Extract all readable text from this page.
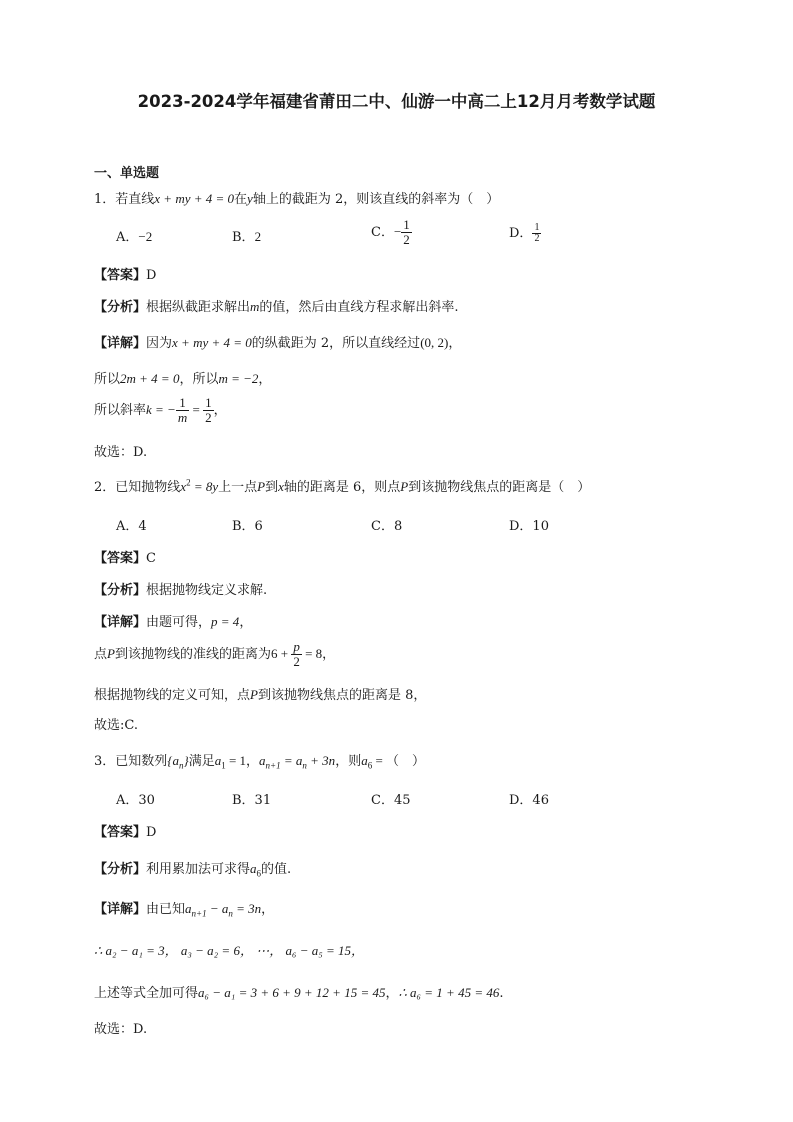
2023-2024学年福建省莆田二中、仙游一中高二上12月月考数学试题
一、单选题
1．若直线x + my + 4 = 0在y轴上的截距为 2，则该直线的斜率为（　）
A．−2	B．2	C．− $\frac{1}{2}$	D． $\frac{1}{2}$
【答案】D
【分析】根据纵截距求解出m的值，然后由直线方程求解出斜率.
【详解】因为x + my + 4 = 0的纵截距为 2，所以直线经过(0, 2)，
所以2m + 4 = 0，所以m = −2，
所以斜率k = − $\frac{1}{m} = \frac{1}{2}$ ，
故选：D.
2．已知抛物线$x^2 = 8y$上一点P到x轴的距离是 6，则点P到该抛物线焦点的距离是（　）
A．4	B．6	C．8	D．10
【答案】C
【分析】根据抛物线定义求解.
【详解】由题可得，p = 4，
点P到该抛物线的准线的距离为$6 + \frac{p}{2} = 8$，
根据抛物线的定义可知，点P到该抛物线焦点的距离是 8，
故选:C.
3．已知数列$\{a_n\}$满足$a_1 = 1$，$a_{n+1} = a_n + 3n$，则$a_6$ = （　）
A．30	B．31	C．45	D．46
【答案】D
【分析】利用累加法可求得$a_6$的值.
【详解】由已知$a_{n+1} - a_n = 3n$，
∴ a₂ − a₁ = 3， a₃ − a₂ = 6， ⋯， a₆ − a₅ = 15，
上述等式全加可得a₆ − a₁ = 3 + 6 + 9 + 12 + 15 = 45，∴ a₆ = 1 + 45 = 46.
故选：D.
